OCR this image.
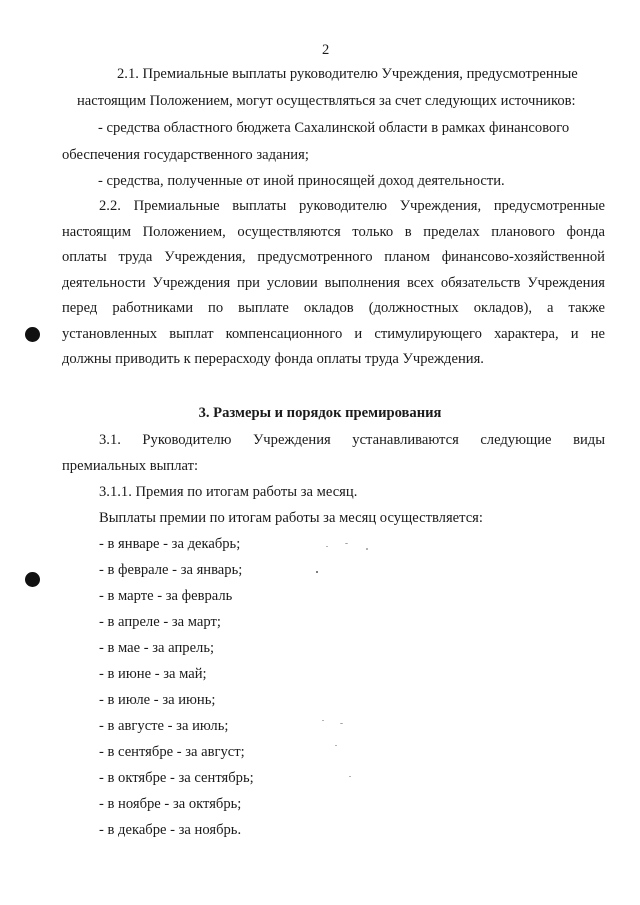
2
2.1. Премиальные выплаты руководителю Учреждения, предусмотренные
настоящим Положением, могут осуществляться за счет следующих источников:
- средства областного бюджета Сахалинской области в рамках финансового
обеспечения государственного задания;
- средства, полученные от иной приносящей доход деятельности.
2.2. Премиальные выплаты руководителю Учреждения, предусмотренные
настоящим Положением, осуществляются только в пределах планового фонда
оплаты труда Учреждения, предусмотренного планом финансово-хозяйственной
деятельности Учреждения при условии выполнения всех обязательств Учреждения
перед работниками по выплате окладов (должностных окладов), а также
установленных выплат компенсационного и стимулирующего характера, и не
должны приводить к перерасходу фонда оплаты труда Учреждения.
3. Размеры и порядок премирования
3.1. Руководителю Учреждения устанавливаются следующие виды
премиальных выплат:
3.1.1. Премия по итогам работы за месяц.
Выплаты премии по итогам работы за месяц осуществляется:
- в январе - за декабрь;
- в феврале - за январь;
- в марте - за февраль
- в апреле - за март;
- в мае - за апрель;
- в июне - за май;
- в июле - за июнь;
- в августе - за июль;
- в сентябре - за август;
- в октябре - за сентябрь;
- в ноябре - за октябрь;
- в декабре - за ноябрь.
